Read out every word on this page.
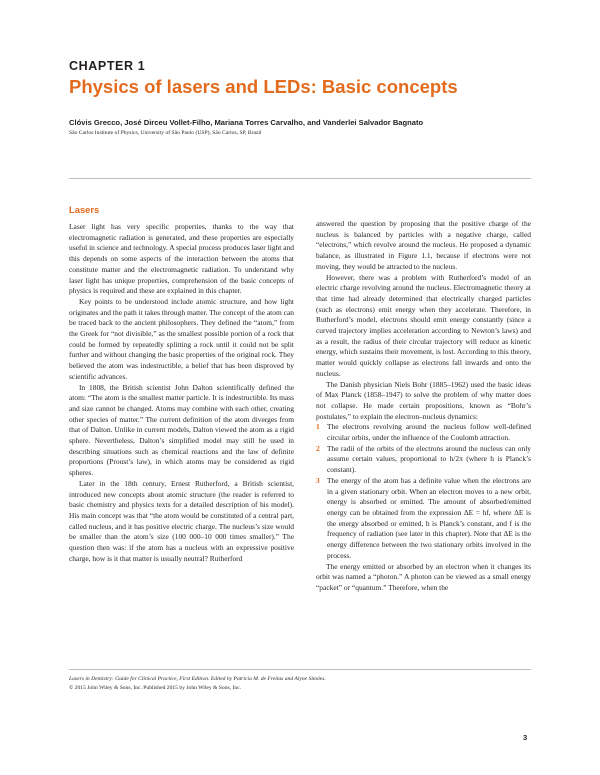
CHAPTER 1
Physics of lasers and LEDs: Basic concepts
Clóvis Grecco, José Dirceu Vollet-Filho, Mariana Torres Carvalho, and Vanderlei Salvador Bagnato
São Carlos Institute of Physics, University of São Paulo (USP), São Carlos, SP, Brazil
Lasers

Laser light has very specific properties, thanks to the way that electromagnetic radiation is generated, and these properties are especially useful in science and technology. A special process produces laser light and this depends on some aspects of the interaction between the atoms that constitute matter and the electromagnetic radiation. To understand why laser light has unique properties, comprehension of the basic concepts of physics is required and these are explained in this chapter.

Key points to be understood include atomic structure, and how light originates and the path it takes through matter. The concept of the atom can be traced back to the ancient philosophers. They defined the “atom,” from the Greek for “not divisible,” as the smallest possible portion of a rock that could be formed by repeatedly splitting a rock until it could not be split further and without changing the basic properties of the original rock. They believed the atom was indestructible, a belief that has been disproved by scientific advances.

In 1808, the British scientist John Dalton scientifically defined the atom: “The atom is the smallest matter particle. It is indestructible. Its mass and size cannot be changed. Atoms may combine with each other, creating other species of matter.” The current definition of the atom diverges from that of Dalton. Unlike in current models, Dalton viewed the atom as a rigid sphere. Nevertheless, Dalton’s simplified model may still be used in describing situations such as chemical reactions and the law of definite proportions (Proust’s law), in which atoms may be considered as rigid spheres.

Later in the 18th century, Ernest Rutherford, a British scientist, introduced new concepts about atomic structure (the reader is referred to basic chemistry and physics texts for a detailed description of his model). His main concept was that “the atom would be constituted of a central part, called nucleus, and it has positive electric charge. The nucleus’s size would be smaller than the atom’s size (100 000–10 000 times smaller).” The question then was: if the atom has a nucleus with an expressive positive charge, how is it that matter is usually neutral? Rutherford

answered the question by proposing that the positive charge of the nucleus is balanced by particles with a negative charge, called “electrons,” which revolve around the nucleus. He proposed a dynamic balance, as illustrated in Figure 1.1, because if electrons were not moving, they would be attracted to the nucleus.

However, there was a problem with Rutherford’s model of an electric charge revolving around the nucleus. Electromagnetic theory at that time had already determined that electrically charged particles (such as electrons) emit energy when they accelerate. Therefore, in Rutherford’s model, electrons should emit energy constantly (since a curved trajectory implies acceleration according to Newton’s laws) and as a result, the radius of their circular trajectory will reduce as kinetic energy, which sustains their movement, is lost. According to this theory, matter would quickly collapse as electrons fall inwards and onto the nucleus.

The Danish physician Niels Bohr (1885–1962) used the basic ideas of Max Planck (1858–1947) to solve the problem of why matter does not collapse. He made certain propositions, known as “Bohr’s postulates,” to explain the electron–nucleus dynamics:

1 The electrons revolving around the nucleus follow well-defined circular orbits, under the influence of the Coulomb attraction.
2 The radii of the orbits of the electrons around the nucleus can only assume certain values, proportional to h/2π (where h is Planck’s constant).
3 The energy of the atom has a definite value when the electrons are in a given stationary orbit. When an electron moves to a new orbit, energy is absorbed or emitted. The amount of absorbed/emitted energy can be obtained from the expression ΔE = hf, where ΔE is the energy absorbed or emitted, h is Planck’s constant, and f is the frequency of radiation (see later in this chapter). Note that ΔE is the energy difference between the two stationary orbits involved in the process.

The energy emitted or absorbed by an electron when it changes its orbit was named a “photon.” A photon can be viewed as a small energy “packet” or “quantum.” Therefore, when the

Lasers in Dentistry: Guide for Clinical Practice, First Edition. Edited by Patrícia M. de Freitas and Alyne Simões.
© 2015 John Wiley & Sons, Inc. Published 2015 by John Wiley & Sons, Inc.
3
